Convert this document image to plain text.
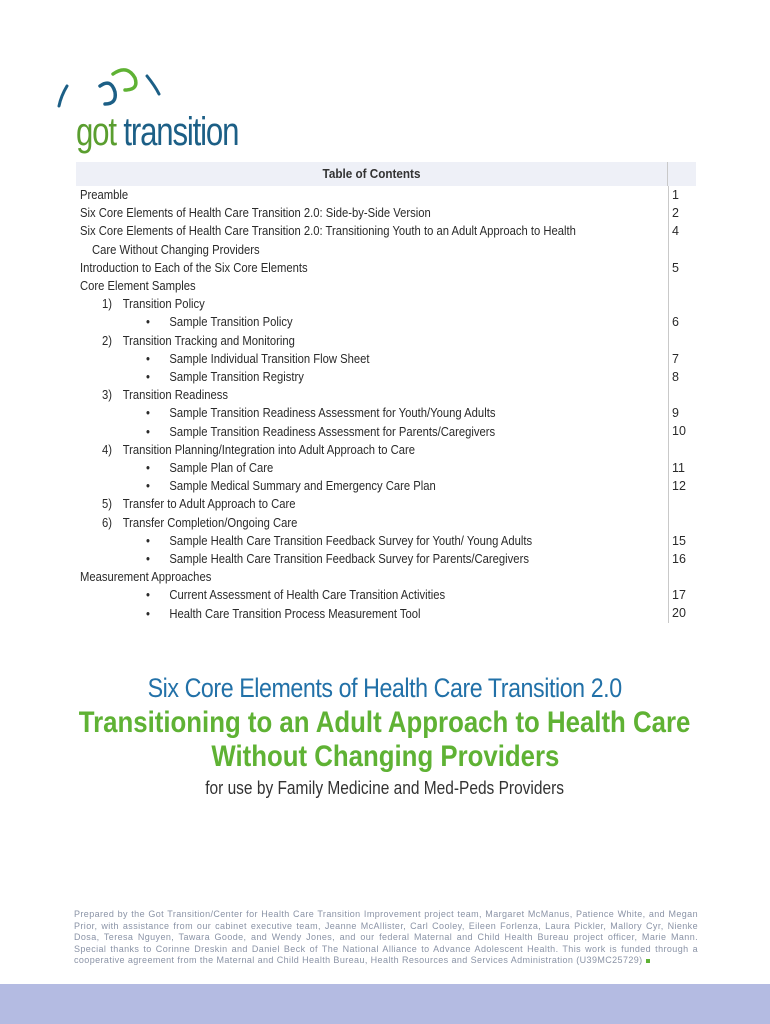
got transition
Table of Contents
Preamble
Six Core Elements of Health Care Transition 2.0: Side-by-Side Version
Six Core Elements of Health Care Transition 2.0: Transitioning Youth to an Adult Approach to Health
Care Without Changing Providers
Introduction to Each of the Six Core Elements
Core Element Samples
1) Transition Policy
• Sample Transition Policy
2) Transition Tracking and Monitoring
• Sample Individual Transition Flow Sheet
• Sample Transition Registry
3) Transition Readiness
• Sample Transition Readiness Assessment for Youth/Young Adults
• Sample Transition Readiness Assessment for Parents/Caregivers
4) Transition Planning/Integration into Adult Approach to Care
• Sample Plan of Care
• Sample Medical Summary and Emergency Care Plan
5) Transfer to Adult Approach to Care
6) Transfer Completion/Ongoing Care
• Sample Health Care Transition Feedback Survey for Youth/ Young Adults
• Sample Health Care Transition Feedback Survey for Parents/Caregivers
Measurement Approaches
• Current Assessment of Health Care Transition Activities
• Health Care Transition Process Measurement Tool
1
2
4
5
6
7
8
9
10
11
12
15
16
17
20
Six Core Elements of Health Care Transition 2.0
Transitioning to an Adult Approach to Health Care
Without Changing Providers
for use by Family Medicine and Med-Peds Providers
Prepared by the Got Transition/Center for Health Care Transition Improvement project team, Margaret McManus, Patience White, and Megan Prior, with assistance from our cabinet executive team, Jeanne McAllister, Carl Cooley, Eileen Forlenza, Laura Pickler, Mallory Cyr, Nienke Dosa, Teresa Nguyen, Tawara Goode, and Wendy Jones, and our federal Maternal and Child Health Bureau project officer, Marie Mann. Special thanks to Corinne Dreskin and Daniel Beck of The National Alliance to Advance Adolescent Health. This work is funded through a cooperative agreement from the Maternal and Child Health Bureau, Health Resources and Services Administration (U39MC25729)
